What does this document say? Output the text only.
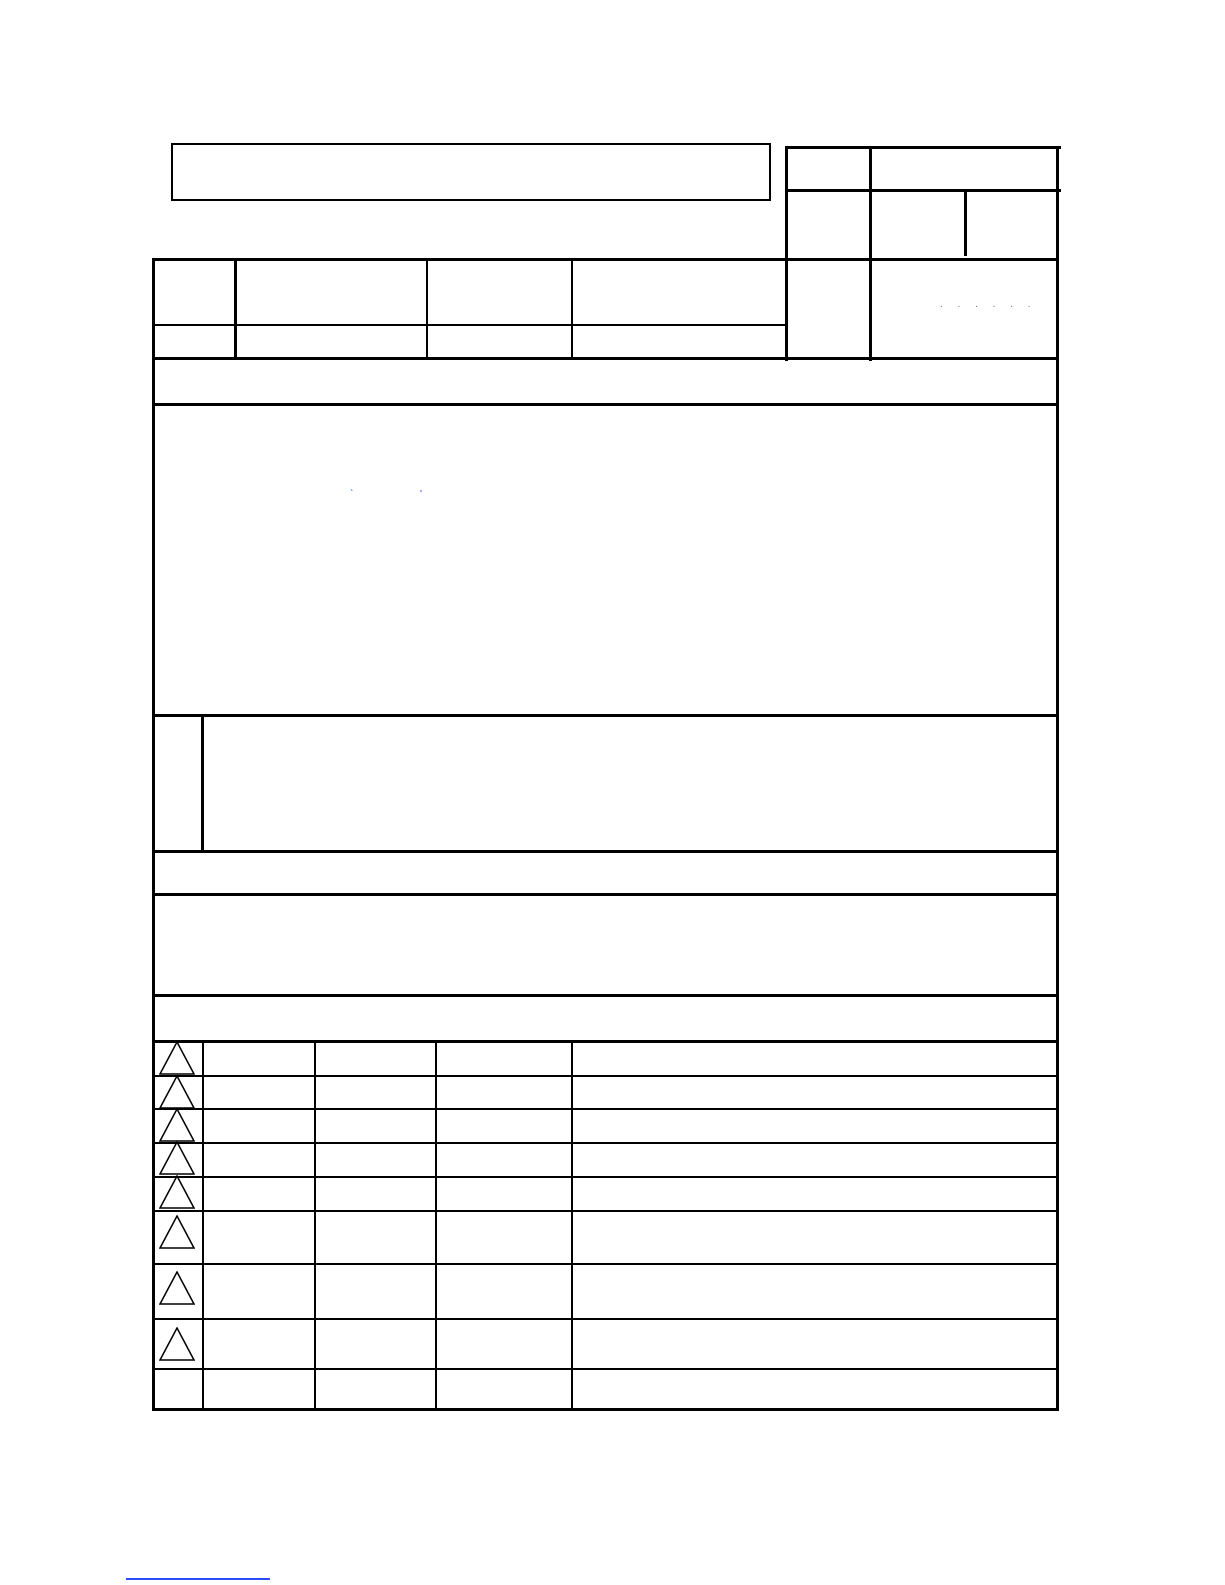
. . . . . .
`	'
